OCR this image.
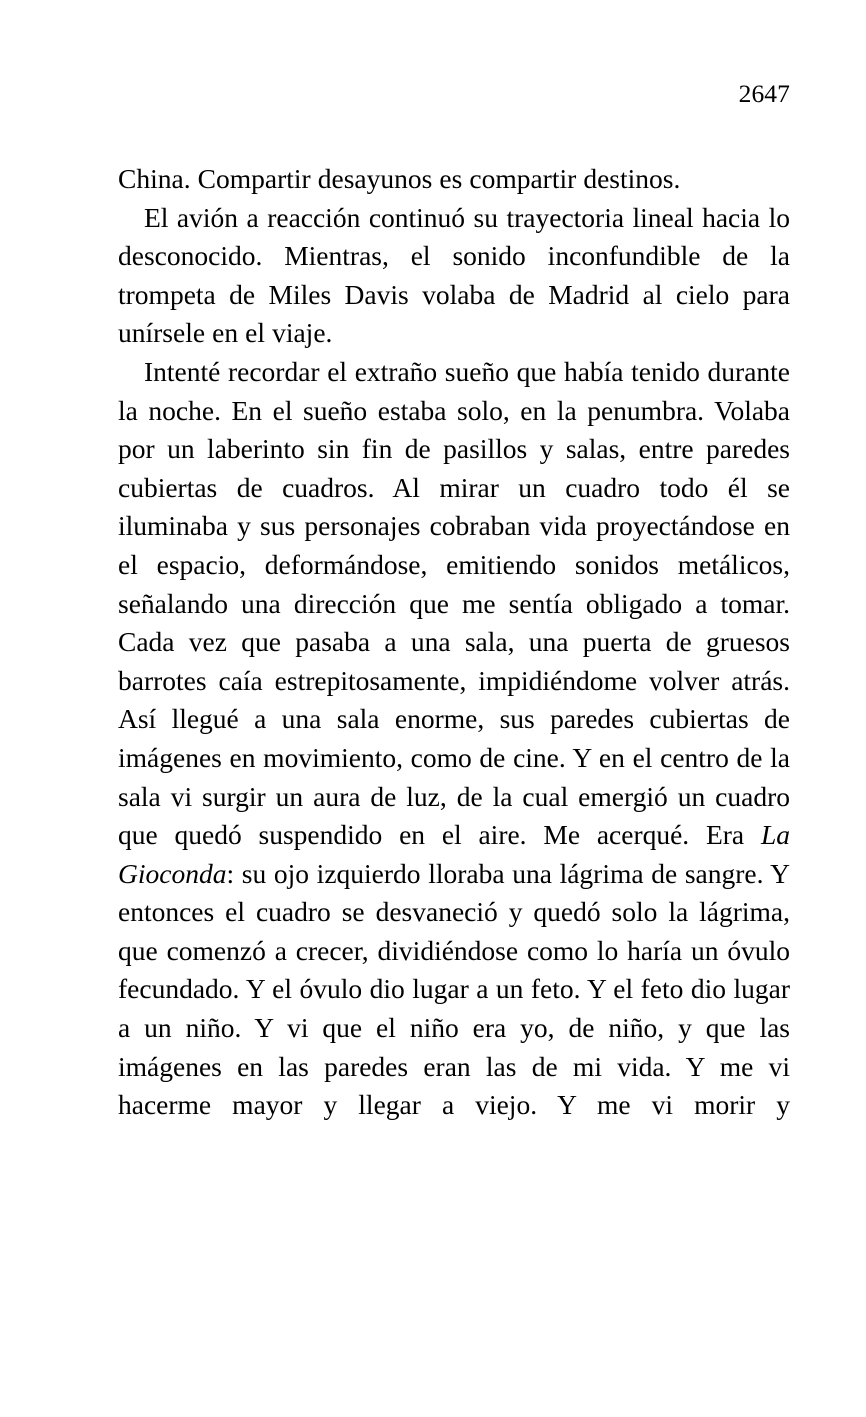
2647

China. Compartir desayunos es compartir destinos.

El avión a reacción continuó su trayectoria lineal hacia lo desconocido. Mientras, el sonido inconfundible de la trompeta de Miles Davis volaba de Madrid al cielo para unírsele en el viaje.

Intenté recordar el extraño sueño que había tenido durante la noche. En el sueño estaba solo, en la penumbra. Volaba por un laberinto sin fin de pasillos y salas, entre paredes cubiertas de cuadros. Al mirar un cuadro todo él se iluminaba y sus personajes cobraban vida proyectándose en el espacio, deformándose, emitiendo sonidos metálicos, señalando una dirección que me sentía obligado a tomar. Cada vez que pasaba a una sala, una puerta de gruesos barrotes caía estrepitosamente, impidiéndome volver atrás. Así llegué a una sala enorme, sus paredes cubiertas de imágenes en movimiento, como de cine. Y en el centro de la sala vi surgir un aura de luz, de la cual emergió un cuadro que quedó suspendido en el aire. Me acerqué. Era La Gioconda: su ojo izquierdo lloraba una lágrima de sangre. Y entonces el cuadro se desvaneció y quedó solo la lágrima, que comenzó a crecer, dividiéndose como lo haría un óvulo fecundado. Y el óvulo dio lugar a un feto. Y el feto dio lugar a un niño. Y vi que el niño era yo, de niño, y que las imágenes en las paredes eran las de mi vida. Y me vi hacerme mayor y llegar a viejo. Y me vi morir y
